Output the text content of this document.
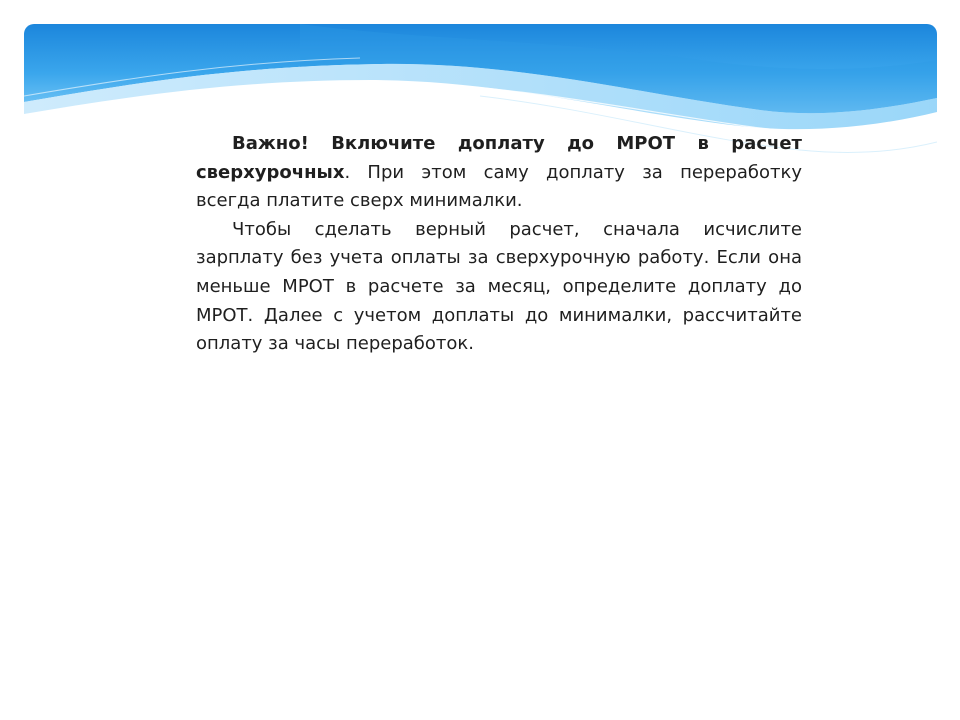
Важно! Включите доплату до МРОТ в расчет сверхурочных. При этом саму доплату за переработку всегда платите сверх минималки.

Чтобы сделать верный расчет, сначала исчислите зарплату без учета оплаты за сверхурочную работу. Если она меньше МРОТ в расчете за месяц, определите доплату до МРОТ. Далее с учетом доплаты до минималки, рассчитайте оплату за часы переработок.
